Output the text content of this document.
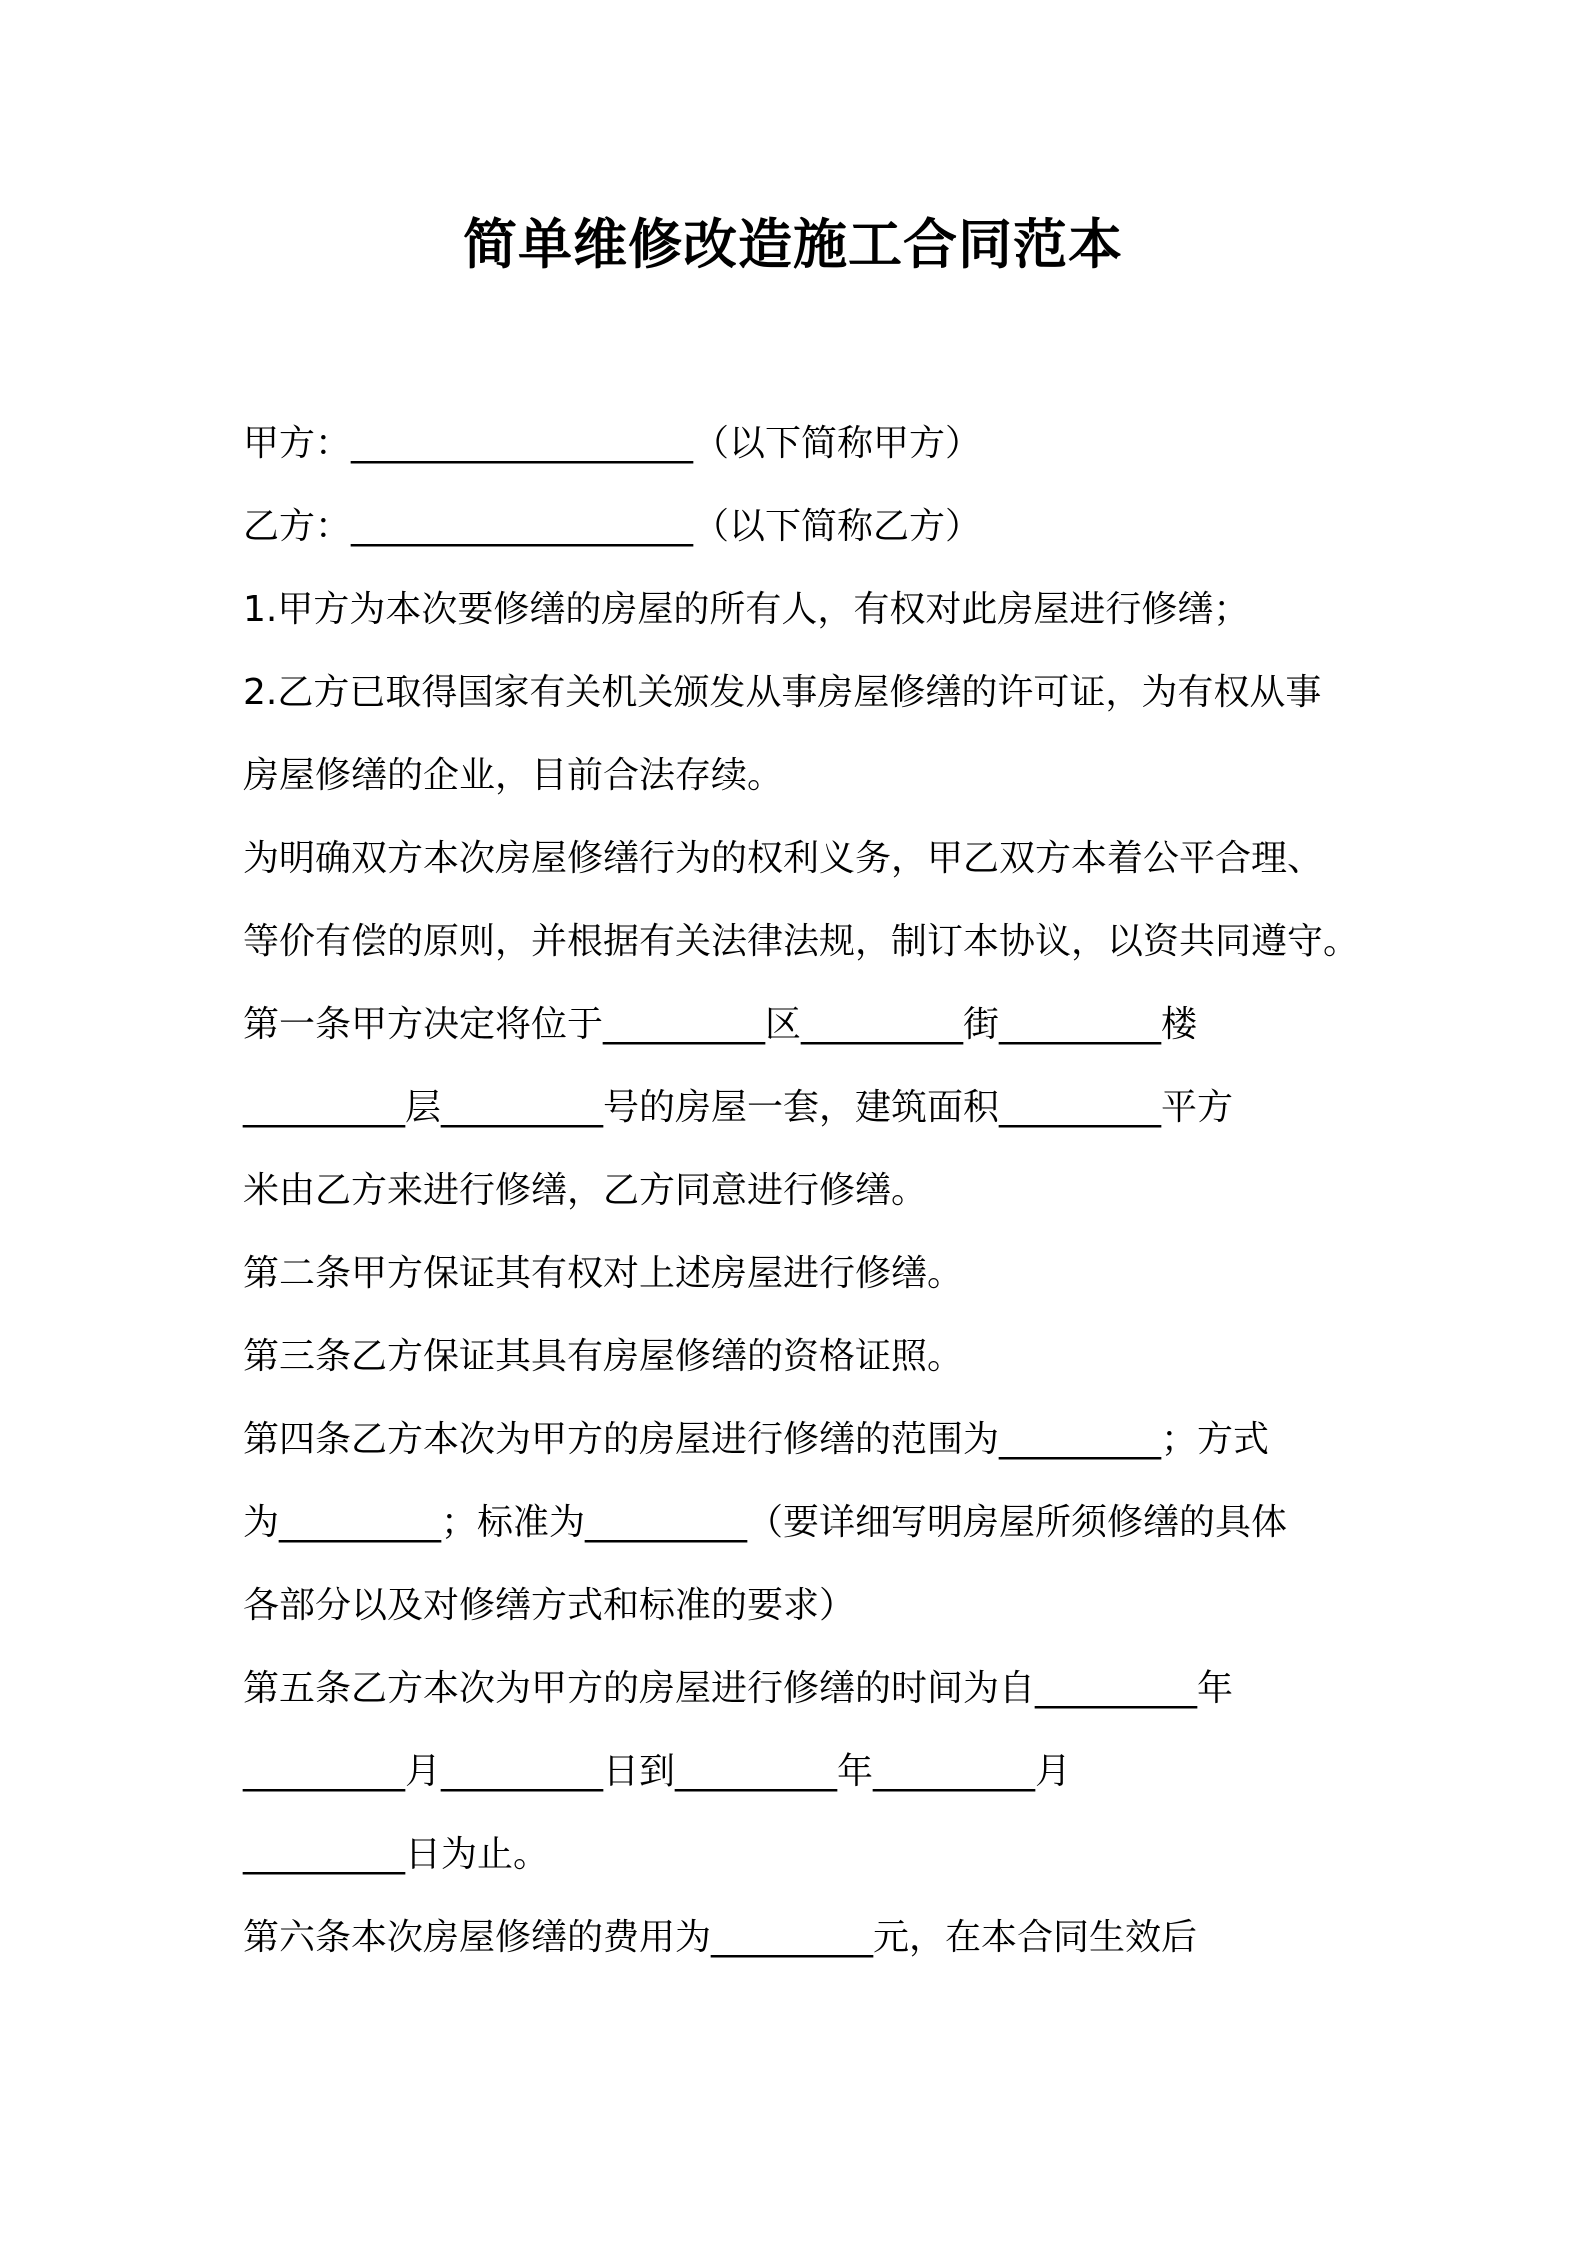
简单维修改造施工合同范本
甲方：___________________（以下简称甲方）
乙方：___________________（以下简称乙方）
1.甲方为本次要修缮的房屋的所有人，有权对此房屋进行修缮；
2.乙方已取得国家有关机关颁发从事房屋修缮的许可证，为有权从事
房屋修缮的企业，目前合法存续。
为明确双方本次房屋修缮行为的权利义务，甲乙双方本着公平合理、
等价有偿的原则，并根据有关法律法规，制订本协议，以资共同遵守。
第一条甲方决定将位于_________区_________街_________楼
_________层_________号的房屋一套，建筑面积_________平方
米由乙方来进行修缮，乙方同意进行修缮。
第二条甲方保证其有权对上述房屋进行修缮。
第三条乙方保证其具有房屋修缮的资格证照。
第四条乙方本次为甲方的房屋进行修缮的范围为_________；方式
为_________；标准为_________（要详细写明房屋所须修缮的具体
各部分以及对修缮方式和标准的要求）
第五条乙方本次为甲方的房屋进行修缮的时间为自_________年
_________月_________日到_________年_________月
_________日为止。
第六条本次房屋修缮的费用为_________元，在本合同生效后
